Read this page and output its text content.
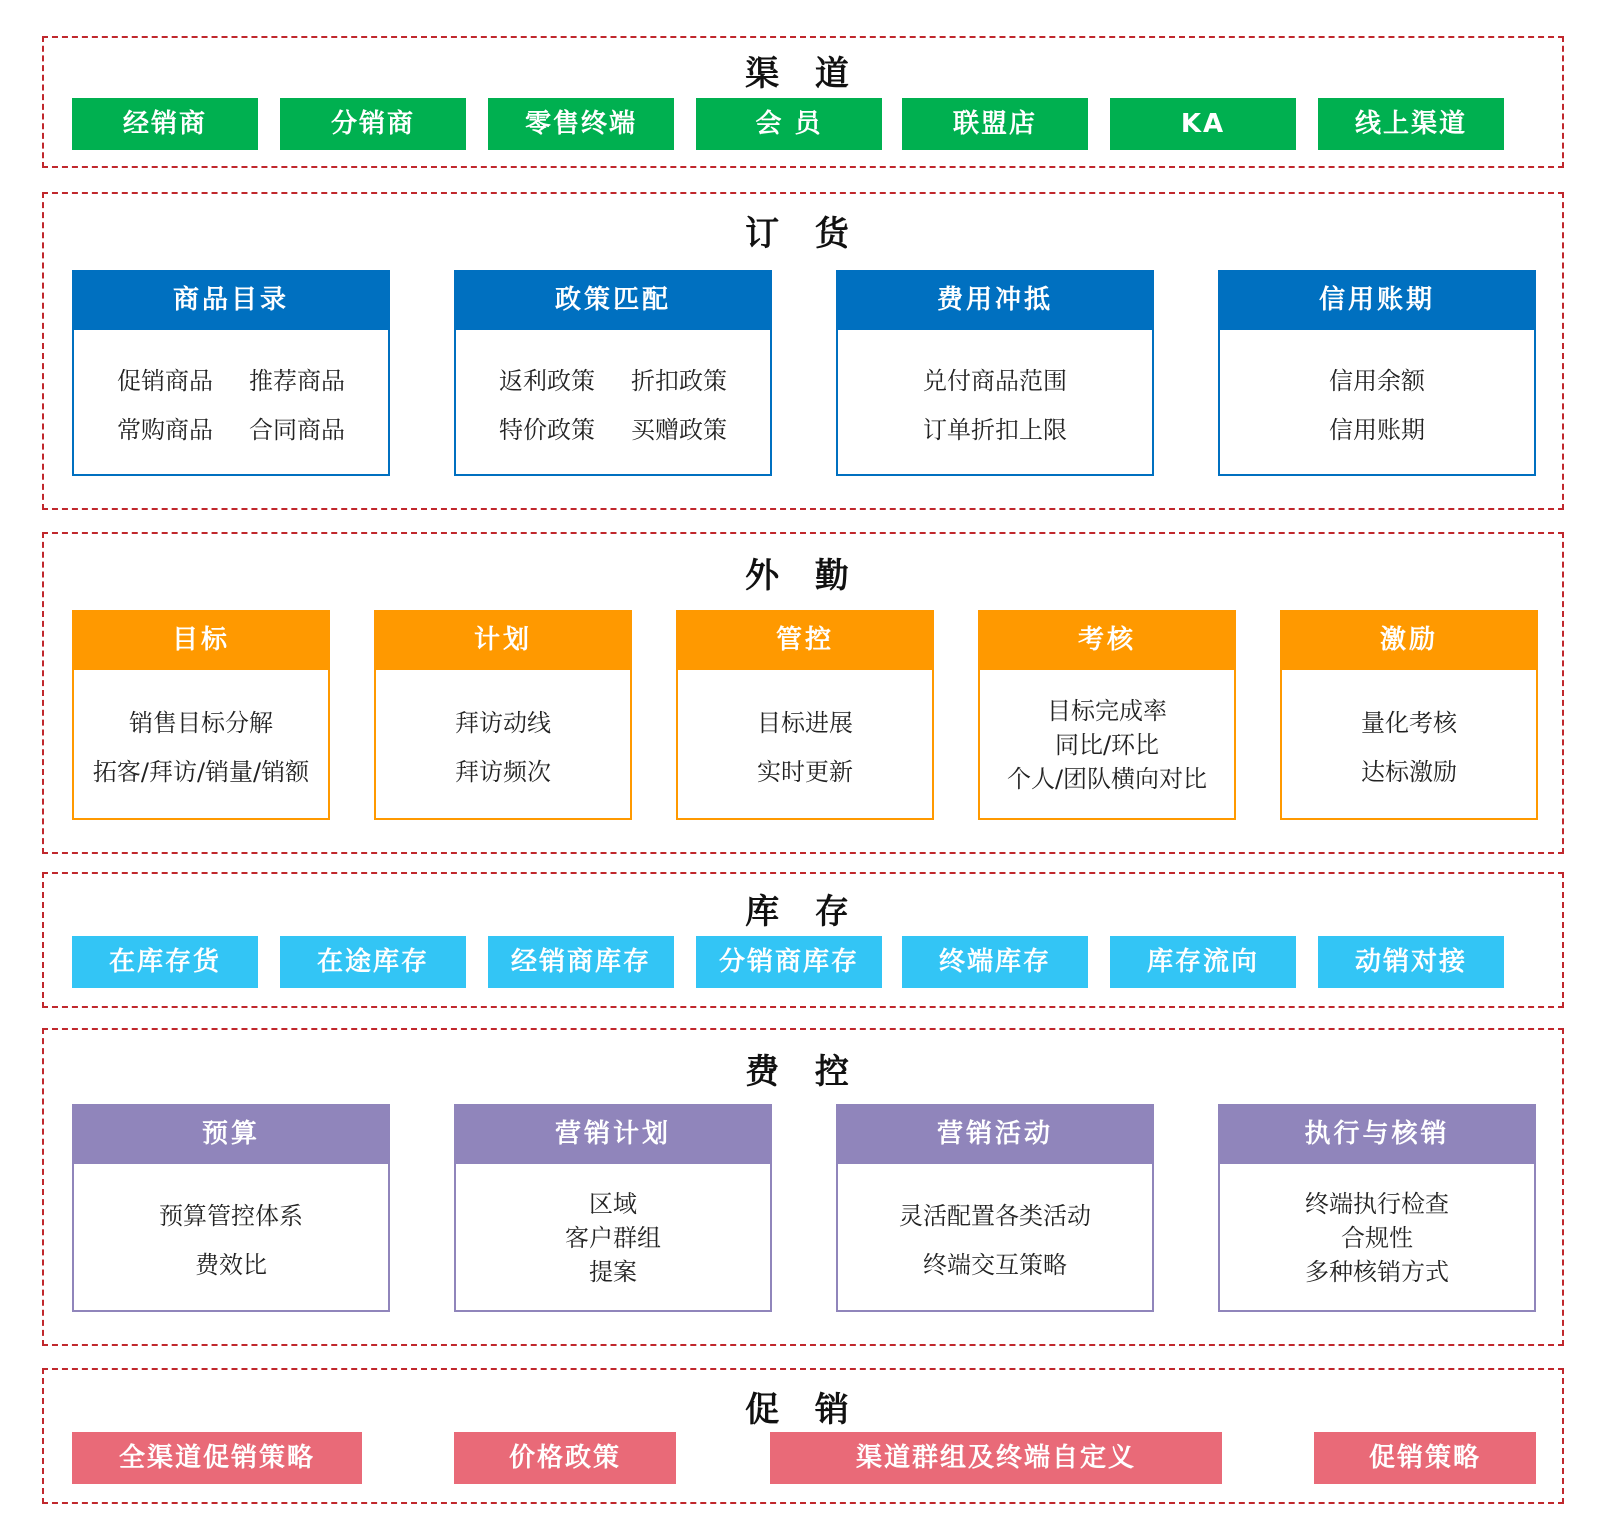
渠 道
经销商	分销商	零售终端	会 员	联盟店	KA	线上渠道
订 货
商品目录
促销商品 推荐商品
常购商品 合同商品
政策匹配
返利政策 折扣政策
特价政策 买赠政策
费用冲抵
兑付商品范围
订单折扣上限
信用账期
信用余额
信用账期
外 勤
目标
销售目标分解
拓客/拜访/销量/销额
计划
拜访动线
拜访频次
管控
目标进展
实时更新
考核
目标完成率
同比/环比
个人/团队横向对比
激励
量化考核
达标激励
库 存
在库存货	在途库存	经销商库存	分销商库存	终端库存	库存流向	动销对接
费 控
预算
预算管控体系
费效比
营销计划
区域
客户群组
提案
营销活动
灵活配置各类活动
终端交互策略
执行与核销
终端执行检查
合规性
多种核销方式
促 销
全渠道促销策略	价格政策	渠道群组及终端自定义	促销策略
